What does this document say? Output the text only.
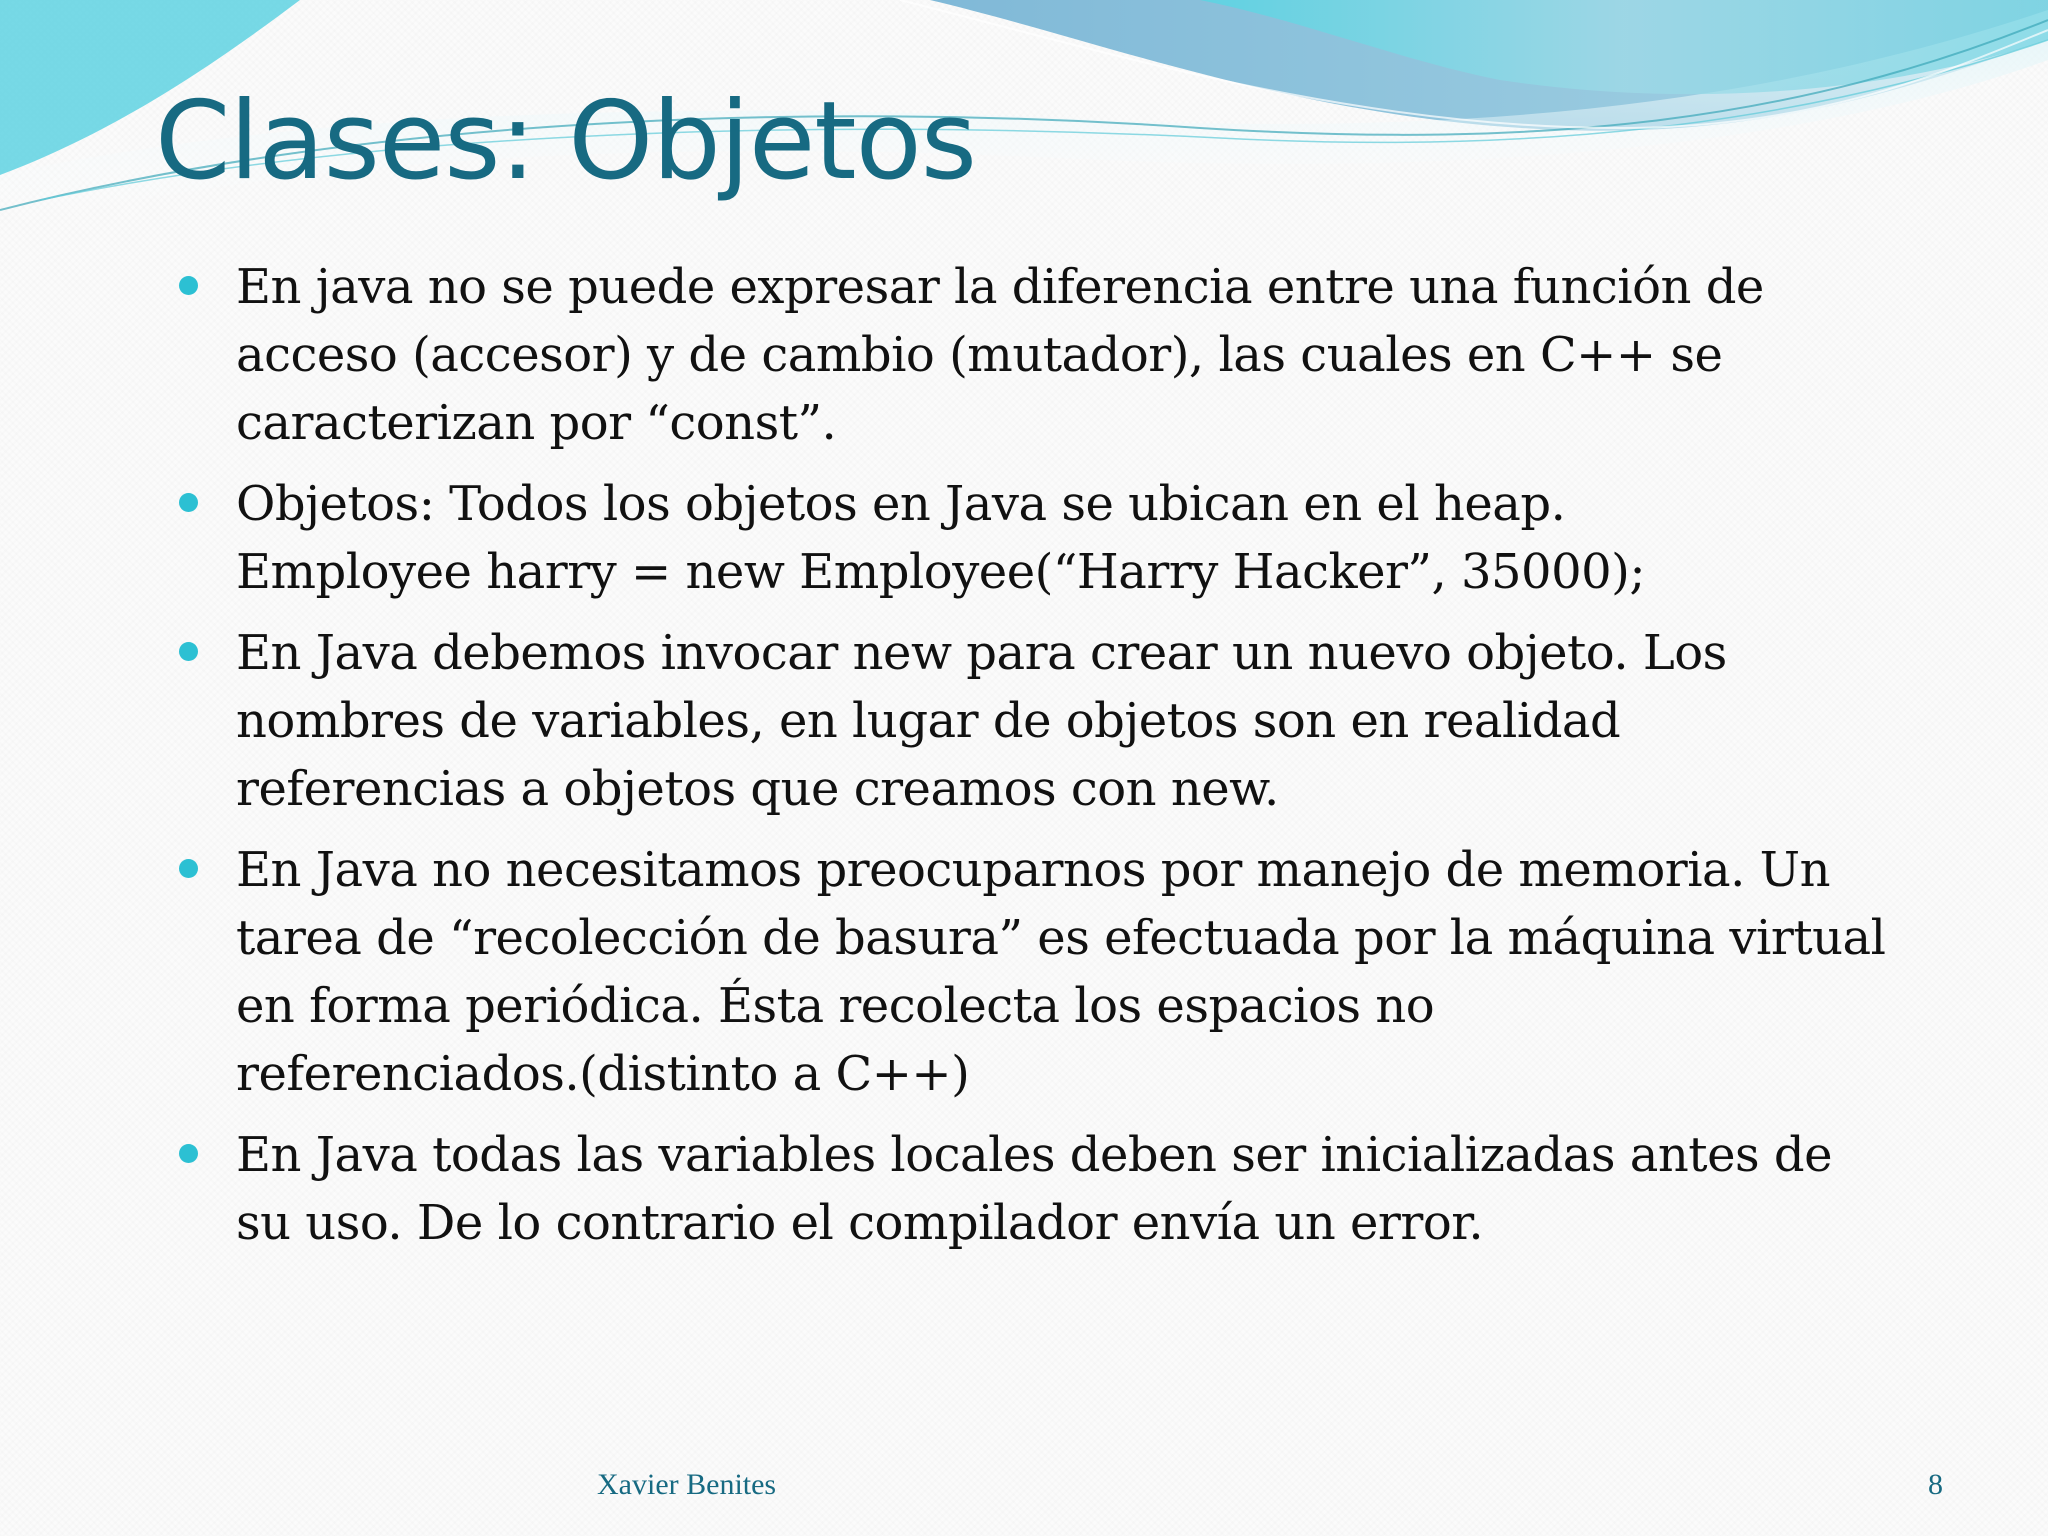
Clases: Objetos
En java no se puede expresar la diferencia entre una función de
acceso (accesor) y de cambio (mutador), las cuales en C++ se
caracterizan por “const”.
Objetos: Todos los objetos en Java se ubican en el heap.
Employee harry = new Employee(“Harry Hacker”, 35000);
En Java debemos invocar new para crear un nuevo objeto. Los
nombres de variables, en lugar de objetos son en realidad
referencias a objetos que creamos con new.
En Java no necesitamos preocuparnos por manejo de memoria. Un
tarea de “recolección de basura” es efectuada por la máquina virtual
en forma periódica. Ésta recolecta los espacios no
referenciados.(distinto a C++)
En Java todas las variables locales deben ser inicializadas antes de
su uso. De lo contrario el compilador envía un error.
Xavier Benites	8
